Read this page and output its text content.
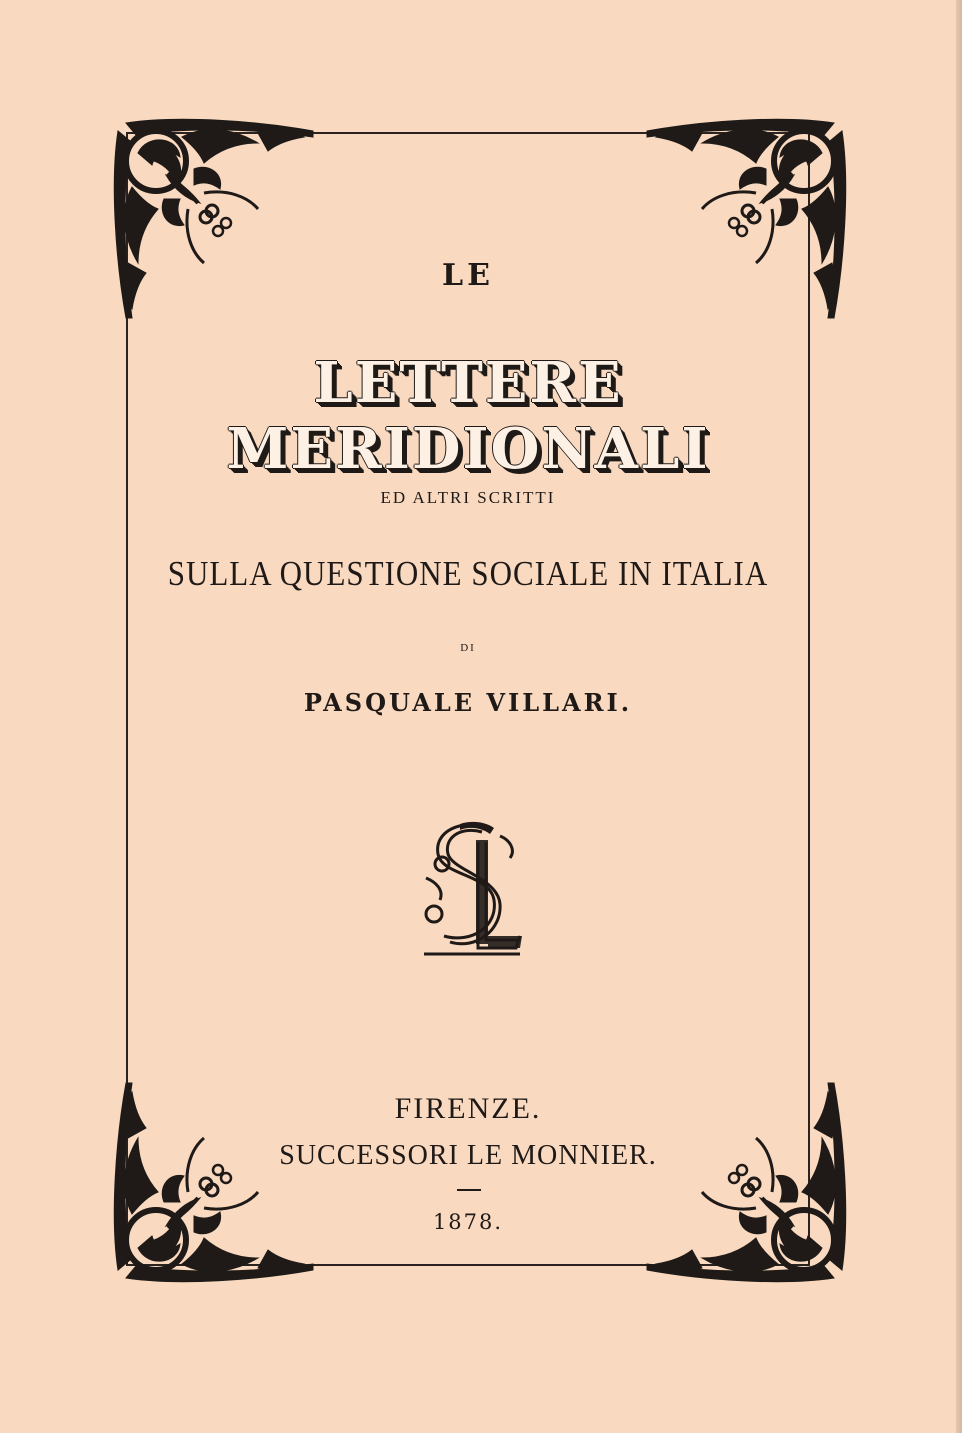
LE
LETTERE MERIDIONALI
ED ALTRI SCRITTI
SULLA QUESTIONE SOCIALE IN ITALIA
DI
PASQUALE VILLARI.
FIRENZE.
SUCCESSORI LE MONNIER.
1878.
